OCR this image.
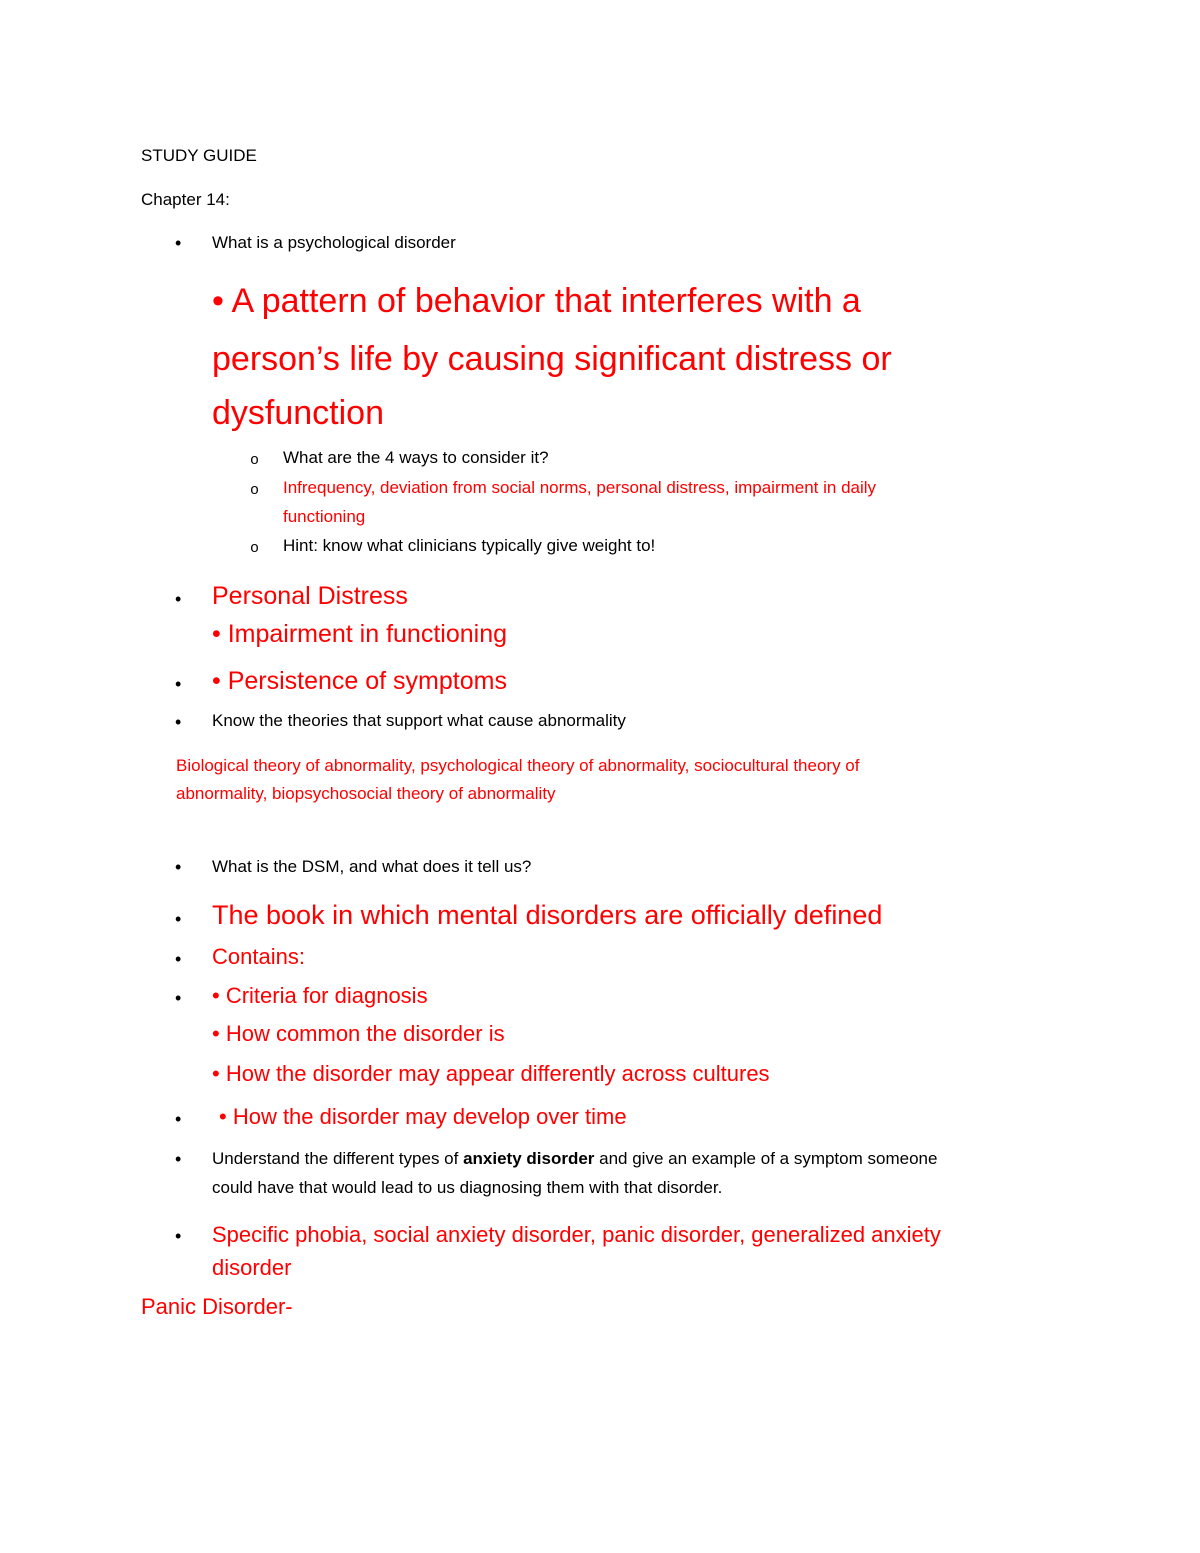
STUDY GUIDE
Chapter 14:
• What is a psychological disorder
• A pattern of behavior that interferes with a
person’s life by causing significant distress or
dysfunction
o What are the 4 ways to consider it?
o Infrequency, deviation from social norms, personal distress, impairment in daily
functioning
o Hint: know what clinicians typically give weight to!
• Personal Distress
• Impairment in functioning
• • Persistence of symptoms
• Know the theories that support what cause abnormality
Biological theory of abnormality, psychological theory of abnormality, sociocultural theory of
abnormality, biopsychosocial theory of abnormality
• What is the DSM, and what does it tell us?
• The book in which mental disorders are officially defined
• Contains:
• • Criteria for diagnosis
• How common the disorder is
• How the disorder may appear differently across cultures
• • How the disorder may develop over time
• Understand the different types of anxiety disorder and give an example of a symptom someone
could have that would lead to us diagnosing them with that disorder.
• Specific phobia, social anxiety disorder, panic disorder, generalized anxiety
disorder
Panic Disorder-
